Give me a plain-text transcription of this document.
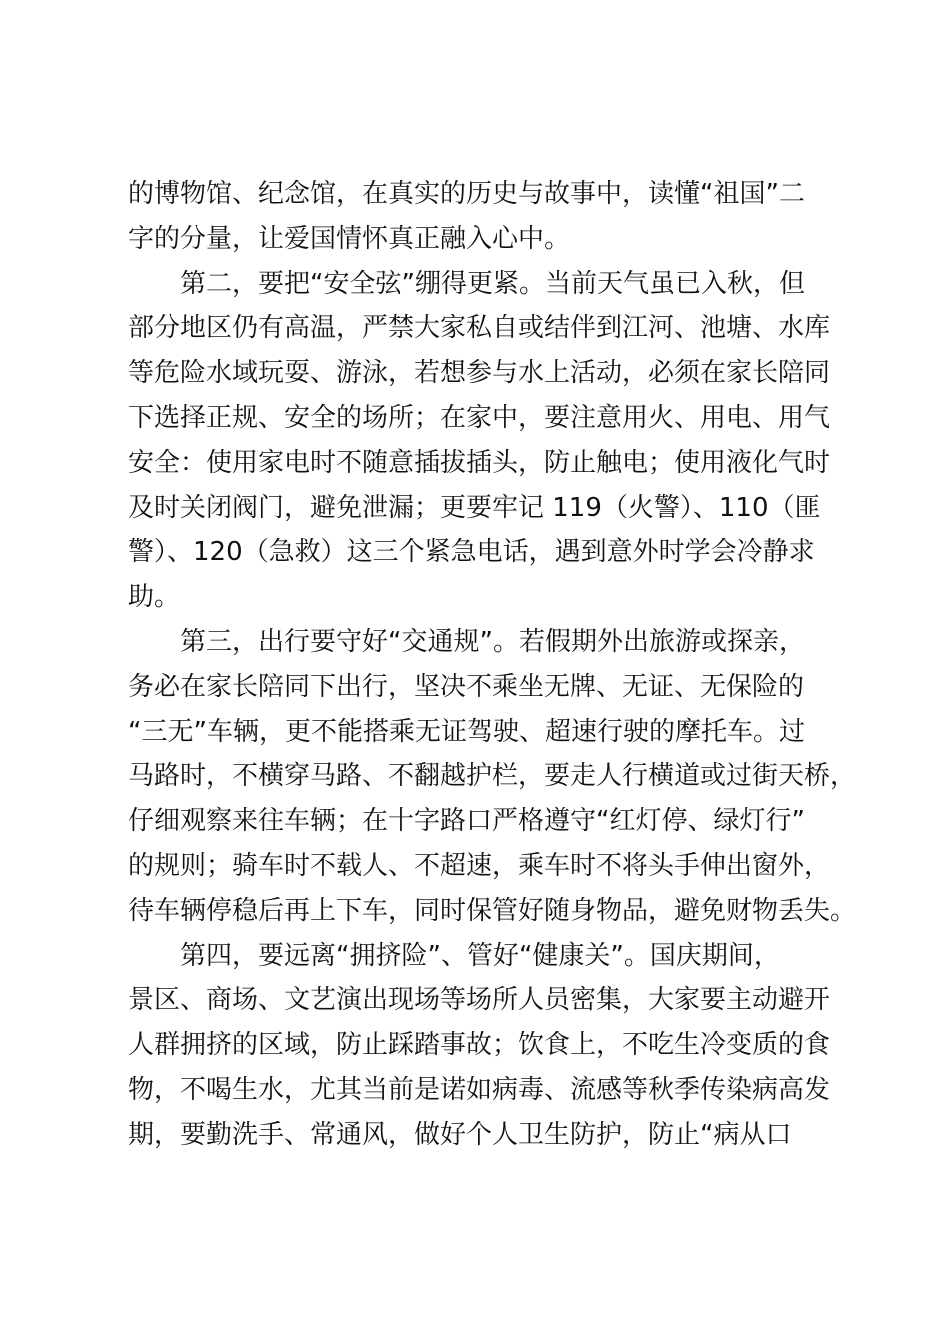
的博物馆、纪念馆，在真实的历史与故事中，读懂“祖国”二
字的分量，让爱国情怀真正融入心中。
第二，要把“安全弦”绷得更紧。当前天气虽已入秋，但
部分地区仍有高温，严禁大家私自或结伴到江河、池塘、水库
等危险水域玩耍、游泳，若想参与水上活动，必须在家长陪同
下选择正规、安全的场所；在家中，要注意用火、用电、用气
安全：使用家电时不随意插拔插头，防止触电；使用液化气时
及时关闭阀门，避免泄漏；更要牢记 119（火警）、110（匪
警）、120（急救）这三个紧急电话，遇到意外时学会冷静求
助。
第三，出行要守好“交通规”。若假期外出旅游或探亲，
务必在家长陪同下出行，坚决不乘坐无牌、无证、无保险的
“三无”车辆，更不能搭乘无证驾驶、超速行驶的摩托车。过
马路时，不横穿马路、不翻越护栏，要走人行横道或过街天桥，
仔细观察来往车辆；在十字路口严格遵守“红灯停、绿灯行”
的规则；骑车时不载人、不超速，乘车时不将头手伸出窗外，
待车辆停稳后再上下车，同时保管好随身物品，避免财物丢失。
第四，要远离“拥挤险”、管好“健康关”。国庆期间，
景区、商场、文艺演出现场等场所人员密集，大家要主动避开
人群拥挤的区域，防止踩踏事故；饮食上，不吃生冷变质的食
物，不喝生水，尤其当前是诺如病毒、流感等秋季传染病高发
期，要勤洗手、常通风，做好个人卫生防护，防止“病从口
